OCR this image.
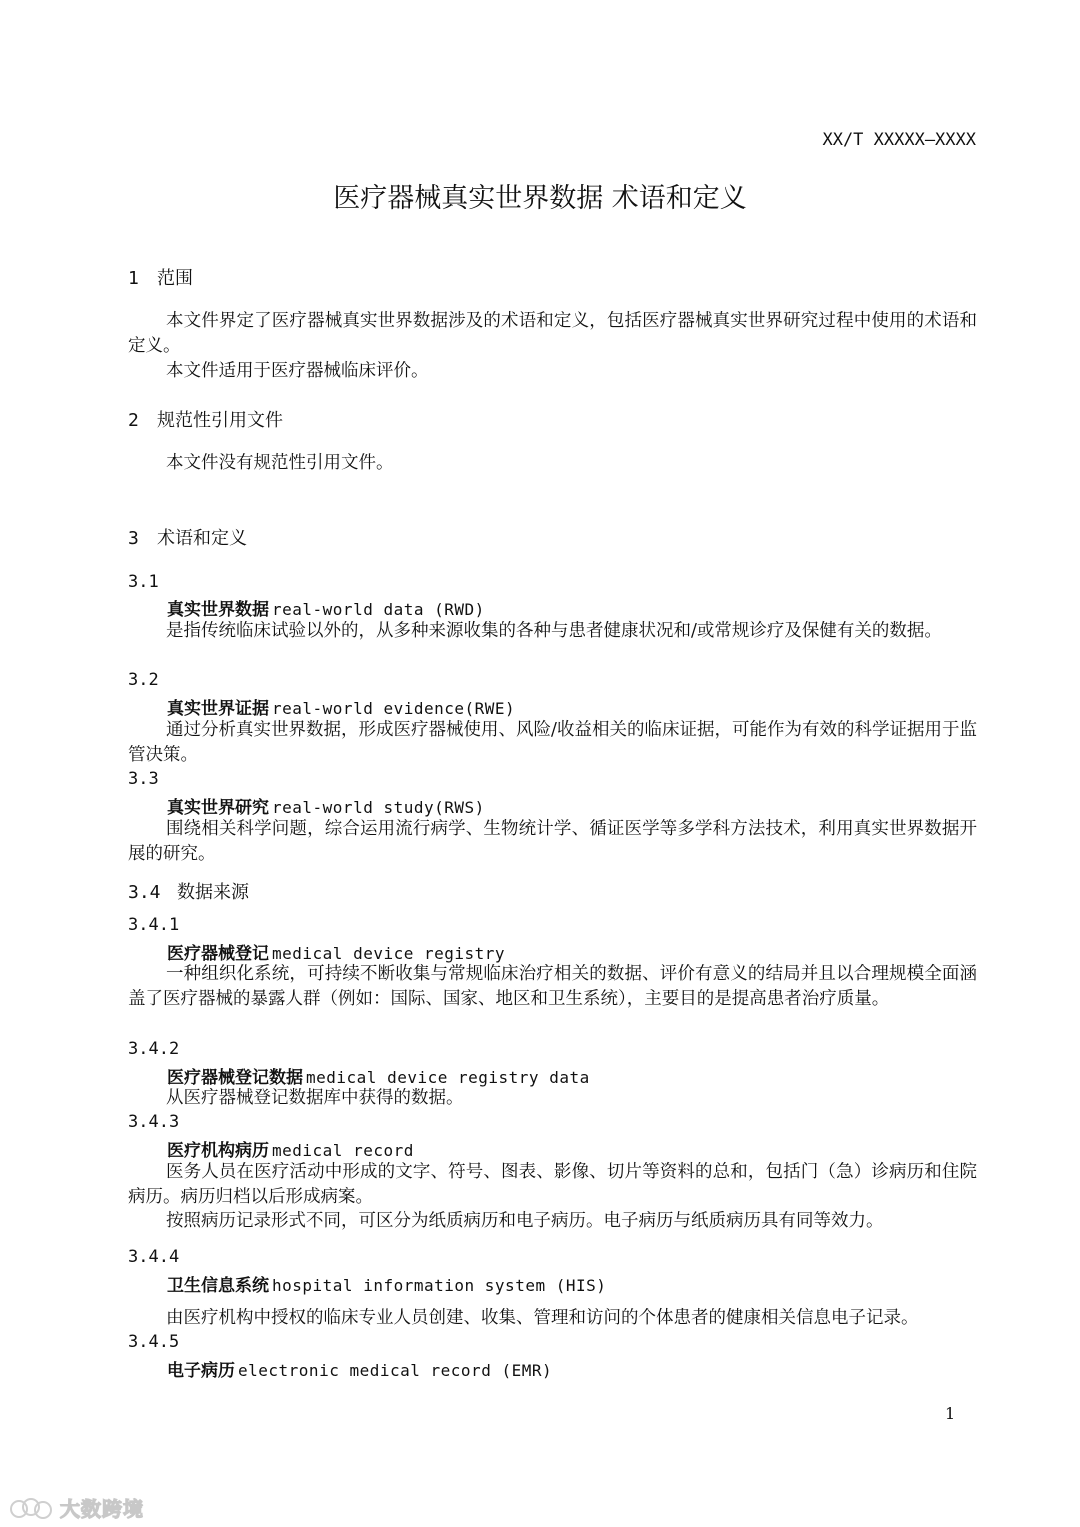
XX/T XXXXX—XXXX
医疗器械真实世界数据 术语和定义
1 范围
本文件界定了医疗器械真实世界数据涉及的术语和定义，包括医疗器械真实世界研究过程中使用的术语和定义。
本文件适用于医疗器械临床评价。
2 规范性引用文件
本文件没有规范性引用文件。
3 术语和定义
3.1
真实世界数据 real-world data (RWD)
是指传统临床试验以外的，从多种来源收集的各种与患者健康状况和/或常规诊疗及保健有关的数据。
3.2
真实世界证据 real-world evidence(RWE)
通过分析真实世界数据，形成医疗器械使用、风险/收益相关的临床证据，可能作为有效的科学证据用于监管决策。
3.3
真实世界研究 real-world study(RWS)
围绕相关科学问题，综合运用流行病学、生物统计学、循证医学等多学科方法技术，利用真实世界数据开展的研究。
3.4 数据来源
3.4.1
医疗器械登记 medical device registry
一种组织化系统，可持续不断收集与常规临床治疗相关的数据、评价有意义的结局并且以合理规模全面涵盖了医疗器械的暴露人群（例如：国际、国家、地区和卫生系统），主要目的是提高患者治疗质量。
3.4.2
医疗器械登记数据 medical device registry data
从医疗器械登记数据库中获得的数据。
3.4.3
医疗机构病历 medical record
医务人员在医疗活动中形成的文字、符号、图表、影像、切片等资料的总和，包括门（急）诊病历和住院病历。病历归档以后形成病案。
按照病历记录形式不同，可区分为纸质病历和电子病历。电子病历与纸质病历具有同等效力。
3.4.4
卫生信息系统 hospital information system (HIS)
由医疗机构中授权的临床专业人员创建、收集、管理和访问的个体患者的健康相关信息电子记录。
3.4.5
电子病历 electronic medical record (EMR)
1
大数跨境
